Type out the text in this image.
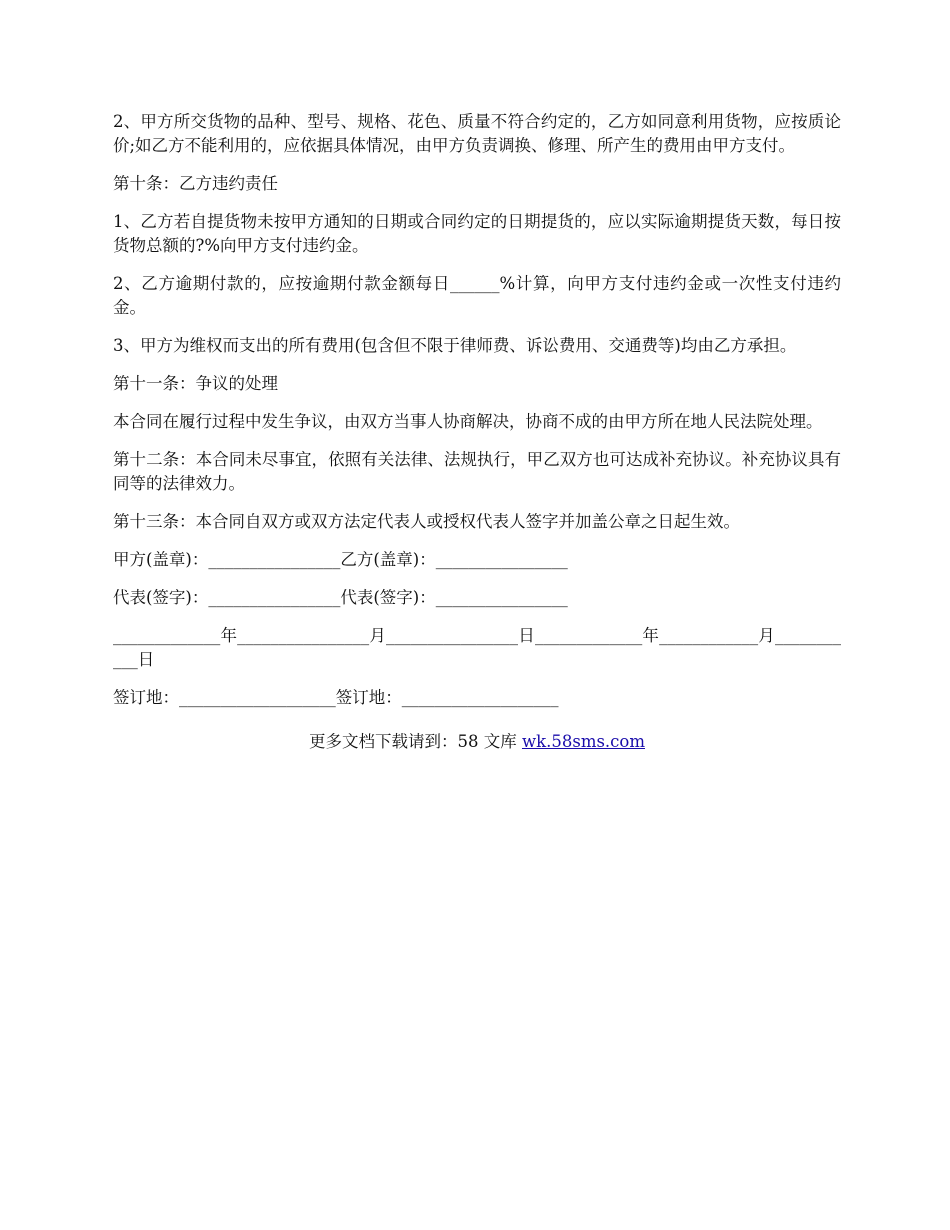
2、甲方所交货物的品种、型号、规格、花色、质量不符合约定的，乙方如同意利用货物，应按质论价;如乙方不能利用的，应依据具体情况，由甲方负责调换、修理、所产生的费用由甲方支付。

第十条：乙方违约责任

1、乙方若自提货物未按甲方通知的日期或合同约定的日期提货的，应以实际逾期提货天数，每日按货物总额的?%向甲方支付违约金。

2、乙方逾期付款的，应按逾期付款金额每日______%计算，向甲方支付违约金或一次性支付违约金。

3、甲方为维权而支出的所有费用(包含但不限于律师费、诉讼费用、交通费等)均由乙方承担。

第十一条：争议的处理

本合同在履行过程中发生争议，由双方当事人协商解决，协商不成的由甲方所在地人民法院处理。

第十二条：本合同未尽事宜，依照有关法律、法规执行，甲乙双方也可达成补充协议。补充协议具有同等的法律效力。

第十三条：本合同自双方或双方法定代表人或授权代表人签字并加盖公章之日起生效。

甲方(盖章)：________________乙方(盖章)：________________

代表(签字)：________________代表(签字)：________________

_____________年________________月________________日_____________年____________月___________日

签订地：___________________签订地：___________________

更多文档下载请到：58 文库 wk.58sms.com
